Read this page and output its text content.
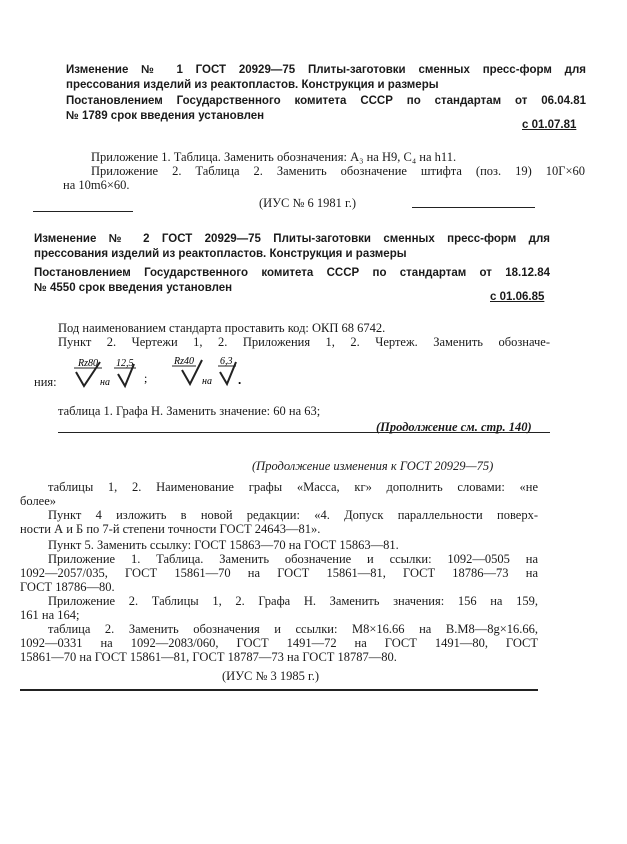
Изменение № 1 ГОСТ 20929—75 Плиты-заготовки сменных пресс-форм для
прессования изделий из реактопластов. Конструкция и размеры
Постановлением Государственного комитета СССР по стандартам от 06.04.81
№ 1789 срок введения установлен
с 01.07.81
Приложение 1. Таблица. Заменить обозначения: A₃ на H9, C₄ на h11.
Приложение 2. Таблица 2. Заменить обозначение штифта (поз. 19) 10Г×60
на 10m6×60.
(ИУС № 6 1981 г.)
Изменение № 2 ГОСТ 20929—75 Плиты-заготовки сменных пресс-форм для
прессования изделий из реактопластов. Конструкция и размеры
Постановлением Государственного комитета СССР по стандартам от 18.12.84
№ 4550 срок введения установлен
с 01.06.85
Под наименованием стандарта проставить код: ОКП 68 6742.
Пункт 2. Чертежи 1, 2. Приложения 1, 2. Чертеж. Заменить обозначе-
ния:
Rz80
на
12,5
;
Rz40
на
6,3
.
таблица 1. Графа Н. Заменить значение: 60 на 63;
(Продолжение см. стр. 140)
(Продолжение изменения к ГОСТ 20929—75)
таблицы 1, 2. Наименование графы «Масса, кг» дополнить словами: «не
более»
Пункт 4 изложить в новой редакции: «4. Допуск параллельности поверх-
ности А и Б по 7-й степени точности ГОСТ 24643—81».
Пункт 5. Заменить ссылку: ГОСТ 15863—70 на ГОСТ 15863—81.
Приложение 1. Таблица. Заменить обозначение и ссылки: 1092—0505 на
1092—2057/035, ГОСТ 15861—70 на ГОСТ 15861—81, ГОСТ 18786—73 на
ГОСТ 18786—80.
Приложение 2. Таблицы 1, 2. Графа Н. Заменить значения: 156 на 159,
161 на 164;
таблица 2. Заменить обозначения и ссылки: М8×16.66 на В.М8—8g×16.66,
1092—0331 на 1092—2083/060, ГОСТ 1491—72 на ГОСТ 1491—80, ГОСТ
15861—70 на ГОСТ 15861—81, ГОСТ 18787—73 на ГОСТ 18787—80.
(ИУС № 3 1985 г.)
